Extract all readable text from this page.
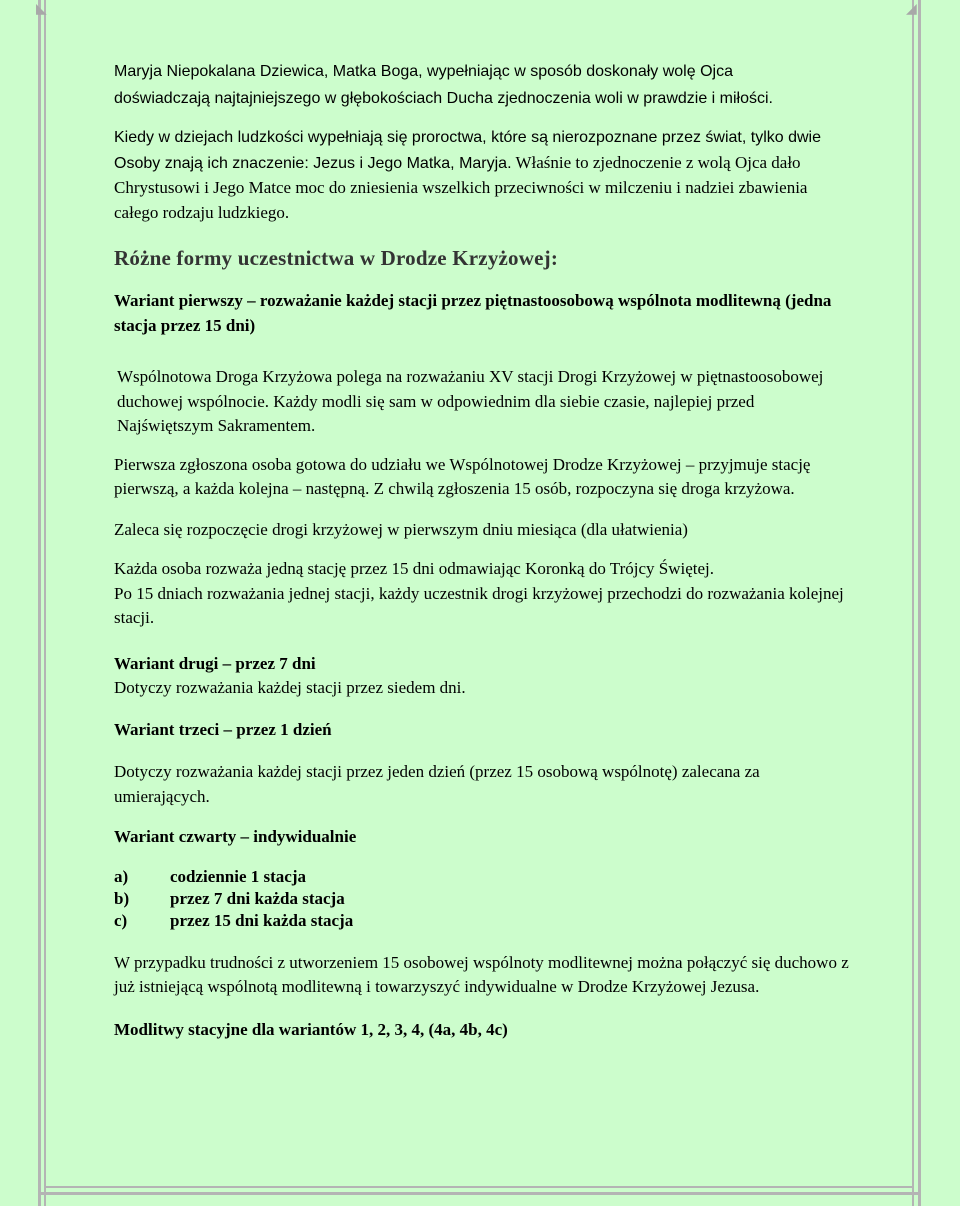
◣	◢

Maryja Niepokalana Dziewica, Matka Boga, wypełniając w sposób doskonały wolę Ojca
doświadczają najtajniejszego w głębokościach Ducha zjednoczenia woli w prawdzie i miłości.

Kiedy w dziejach ludzkości wypełniają się proroctwa, które są nierozpoznane przez świat, tylko dwie Osoby znają ich znaczenie: Jezus i Jego Matka, Maryja. Właśnie to zjednoczenie z wolą Ojca dało Chrystusowi i Jego Matce moc do zniesienia wszelkich przeciwności w milczeniu i nadziei zbawienia całego rodzaju ludzkiego.

Różne formy uczestnictwa w Drodze Krzyżowej:

Wariant pierwszy – rozważanie każdej stacji przez piętnastoosobową wspólnota modlitewną (jedna stacja przez 15 dni)

Wspólnotowa Droga Krzyżowa polega na rozważaniu XV stacji Drogi Krzyżowej w piętnastoosobowej duchowej wspólnocie. Każdy modli się sam w odpowiednim dla siebie czasie, najlepiej przed Najświętszym Sakramentem.

Pierwsza zgłoszona osoba gotowa do udziału we Wspólnotowej Drodze Krzyżowej – przyjmuje stację pierwszą, a każda kolejna – następną. Z chwilą zgłoszenia 15 osób, rozpoczyna się droga krzyżowa.

Zaleca się rozpoczęcie drogi krzyżowej w pierwszym dniu miesiąca (dla ułatwienia)

Każda osoba rozważa jedną stację przez 15 dni odmawiając Koronką do Trójcy Świętej.
Po 15 dniach rozważania jednej stacji, każdy uczestnik drogi krzyżowej przechodzi do rozważania kolejnej stacji.

Wariant drugi – przez 7 dni

Dotyczy rozważania każdej stacji przez siedem dni.

Wariant trzeci – przez 1 dzień

Dotyczy rozważania każdej stacji przez jeden dzień (przez 15 osobową wspólnotę) zalecana za umierających.

Wariant czwarty – indywidualnie

a)	codziennie 1 stacja
b)	przez 7 dni każda stacja
c)	przez 15 dni każda stacja

W przypadku trudności z utworzeniem 15 osobowej wspólnoty modlitewnej można połączyć się duchowo z już istniejącą wspólnotą modlitewną i towarzyszyć indywidualne w Drodze Krzyżowej Jezusa.

Modlitwy stacyjne dla wariantów 1, 2, 3, 4, (4a, 4b, 4c)
